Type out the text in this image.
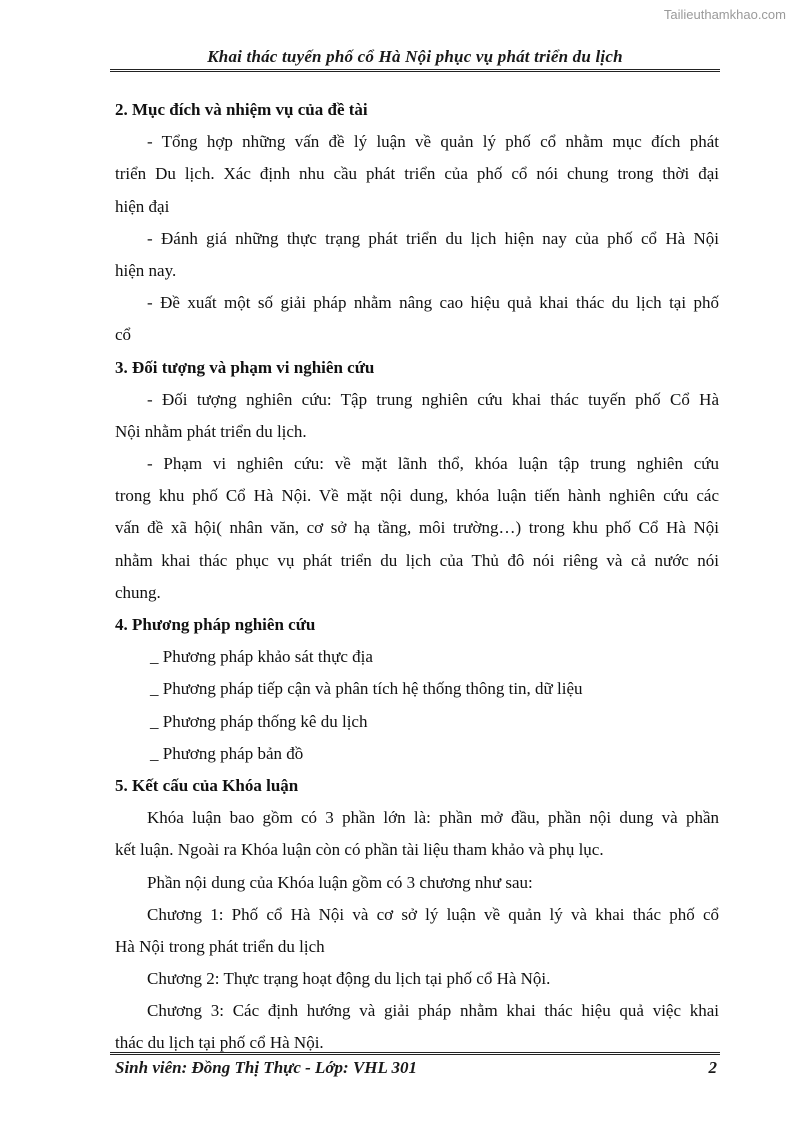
Tailieuthamkhao.com
Khai thác tuyến phố cổ Hà Nội phục vụ phát triển du lịch
2. Mục đích và nhiệm vụ của đề tài
- Tổng hợp những vấn đề lý luận về quản lý phố cổ nhằm mục đích phát
triển Du lịch. Xác định nhu cầu phát triển của phố cổ nói chung trong thời đại
hiện đại
- Đánh giá những thực trạng phát triển du lịch hiện nay của phố cổ Hà Nội
hiện nay.
- Đề xuất một số giải pháp nhằm nâng cao hiệu quả khai thác du lịch tại phố
cổ
3. Đối tượng và phạm vi nghiên cứu
- Đối tượng nghiên cứu: Tập trung nghiên cứu khai thác tuyến phố Cổ Hà
Nội nhằm phát triển du lịch.
- Phạm vi nghiên cứu: về mặt lãnh thổ, khóa luận tập trung nghiên cứu
trong khu phố Cổ Hà Nội. Về mặt nội dung, khóa luận tiến hành nghiên cứu các
vấn đề xã hội( nhân văn, cơ sở hạ tầng, môi trường…) trong khu phố Cổ Hà Nội
nhằm khai thác phục vụ phát triển du lịch của Thủ đô nói riêng và cả nước nói
chung.
4. Phương pháp nghiên cứu
_ Phương pháp khảo sát thực địa
_ Phương pháp tiếp cận và phân tích hệ thống thông tin, dữ liệu
_ Phương pháp thống kê du lịch
_ Phương pháp bản đồ
5. Kết cấu của Khóa luận
Khóa luận bao gồm có 3 phần lớn là: phần mở đầu, phần nội dung và phần
kết luận. Ngoài ra Khóa luận còn có phần tài liệu tham khảo và phụ lục.
Phần nội dung của Khóa luận gồm có 3 chương như sau:
Chương 1: Phố cổ Hà Nội và cơ sở lý luận về quản lý và khai thác phố cổ
Hà Nội trong phát triển du lịch
Chương 2: Thực trạng hoạt động du lịch tại phố cổ Hà Nội.
Chương 3: Các định hướng và giải pháp nhằm khai thác hiệu quả việc khai
thác du lịch tại phố cổ Hà Nội.
Sinh viên: Đồng Thị Thực - Lớp: VHL 301	2
